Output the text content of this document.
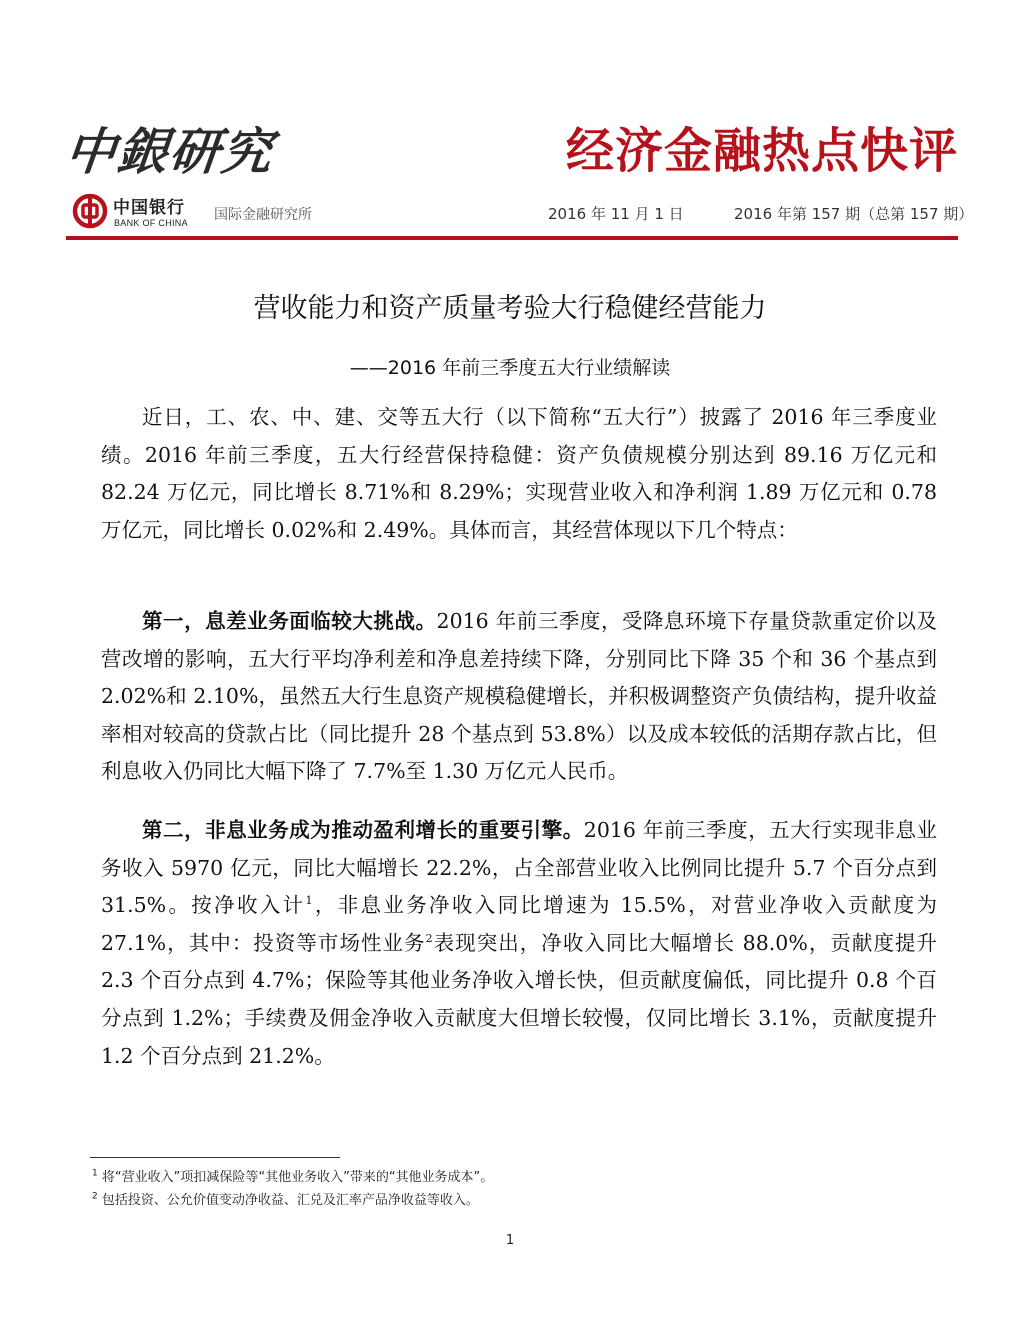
中銀研究	经济金融热点快评
中国银行
BANK OF CHINA 国际金融研究所	2016 年 11 月 1 日	2016 年第 157 期（总第 157 期）
营收能力和资产质量考验大行稳健经营能力
——2016 年前三季度五大行业绩解读

近日，工、农、中、建、交等五大行（以下简称“五大行”）披露了 2016 年三季度业绩。2016 年前三季度，五大行经营保持稳健：资产负债规模分别达到 89.16 万亿元和 82.24 万亿元，同比增长 8.71%和 8.29%；实现营业收入和净利润 1.89 万亿元和 0.78 万亿元，同比增长 0.02%和 2.49%。具体而言，其经营体现以下几个特点：

第一，息差业务面临较大挑战。2016 年前三季度，受降息环境下存量贷款重定价以及营改增的影响，五大行平均净利差和净息差持续下降，分别同比下降 35 个和 36 个基点到 2.02%和 2.10%，虽然五大行生息资产规模稳健增长，并积极调整资产负债结构，提升收益率相对较高的贷款占比（同比提升 28 个基点到 53.8%）以及成本较低的活期存款占比，但利息收入仍同比大幅下降了 7.7%至 1.30 万亿元人民币。

第二，非息业务成为推动盈利增长的重要引擎。2016 年前三季度，五大行实现非息业务收入 5970 亿元，同比大幅增长 22.2%，占全部营业收入比例同比提升 5.7 个百分点到 31.5%。按净收入计$^1$，非息业务净收入同比增速为 15.5%，对营业净收入贡献度为 27.1%，其中：投资等市场性业务$^2$表现突出，净收入同比大幅增长 88.0%，贡献度提升 2.3 个百分点到 4.7%；保险等其他业务净收入增长快，但贡献度偏低，同比提升 0.8 个百分点到 1.2%；手续费及佣金净收入贡献度大但增长较慢，仅同比增长 3.1%，贡献度提升 1.2 个百分点到 21.2%。

$^1$ 将“营业收入”项扣减保险等“其他业务收入”带来的“其他业务成本”。
$^2$ 包括投资、公允价值变动净收益、汇兑及汇率产品净收益等收入。
1
